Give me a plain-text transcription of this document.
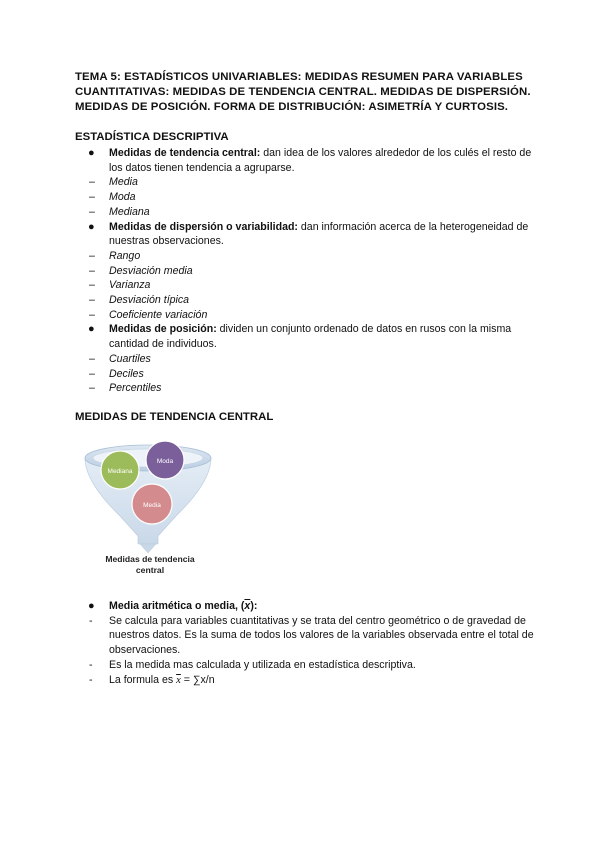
TEMA 5: ESTADÍSTICOS UNIVARIABLES: MEDIDAS RESUMEN PARA VARIABLES CUANTITATIVAS: MEDIDAS DE TENDENCIA CENTRAL. MEDIDAS DE DISPERSIÓN. MEDIDAS DE POSICIÓN. FORMA DE DISTRIBUCIÓN: ASIMETRÍA Y CURTOSIS.
ESTADÍSTICA DESCRIPTIVA
● Medidas de tendencia central: dan idea de los valores alrededor de los culés el resto de los datos tienen tendencia a agruparse.
– Media
– Moda
– Mediana
● Medidas de dispersión o variabilidad: dan información acerca de la heterogeneidad de nuestras observaciones.
– Rango
– Desviación media
– Varianza
– Desviación típica
– Coeficiente variación
● Medidas de posición: dividen un conjunto ordenado de datos en rusos con la misma cantidad de individuos.
– Cuartiles
– Deciles
– Percentiles
MEDIDAS DE TENDENCIA CENTRAL
Mediana
Moda
Media
Medidas de tendencia central
● Media aritmética o media, $(\overline{x})$:
- Se calcula para variables cuantitativas y se trata del centro geométrico o de gravedad de nuestros datos. Es la suma de todos los valores de la variables observada entre el total de observaciones.
- Es la medida mas calculada y utilizada en estadística descriptiva.
- La formula es $\overline{x} = \sum x/n$
